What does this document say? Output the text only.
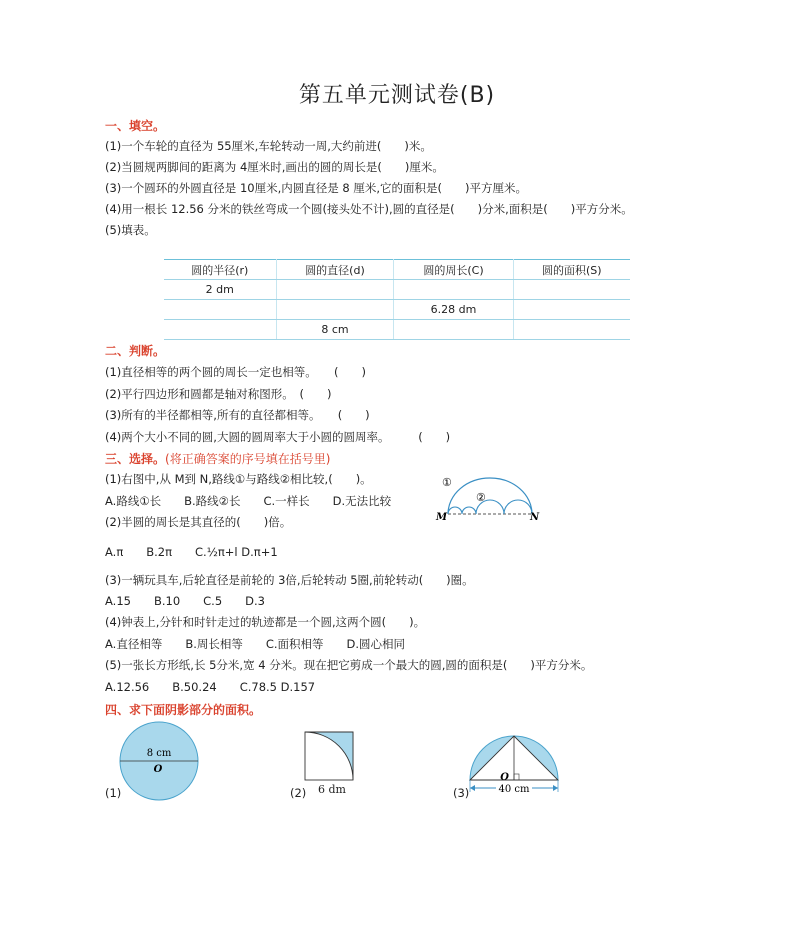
第五单元测试卷(B)
一、填空。
(1)一个车轮的直径为 55厘米,车轮转动一周,大约前进(　　)米。
(2)当圆规两脚间的距离为 4厘米时,画出的圆的周长是(　　)厘米。
(3)一个圆环的外圆直径是 10厘米,内圆直径是 8 厘米,它的面积是(　　)平方厘米。
(4)用一根长 12.56 分米的铁丝弯成一个圆(接头处不计),圆的直径是(　　)分米,面积是(　　)平方分米。
(5)填表。
圆的半径(r)	圆的直径(d)	圆的周长(C)	圆的面积(S)
2 dm			
		6.28 dm	
	8 cm		
二、判断。
(1)直径相等的两个圆的周长一定也相等。　　(　　)
(2)平行四边形和圆都是轴对称图形。　(　　)
(3)所有的半径都相等,所有的直径都相等。　　(　　)
(4)两个大小不同的圆,大圆的圆周率大于小圆的圆周率。　　　(　　)
三、选择。(将正确答案的序号填在括号里)
(1)右图中,从 M到 N,路线①与路线②相比较,(　　)。
A.路线①长　　B.路线②长　　C.一样长　　D.无法比较
(2)半圆的周长是其直径的(　　)倍。
A.π　　B.2π　　C.½π+l D.π+1
(3)一辆玩具车,后轮直径是前轮的 3倍,后轮转动 5圈,前轮转动(　　)圈。
A.15　　B.10　　C.5　　D.3
(4)钟表上,分针和时针走过的轨迹都是一个圆,这两个圆(　　)。
A.直径相等　　B.周长相等　　C.面积相等　　D.圆心相同
(5)一张长方形纸,长 5分米,宽 4 分米。现在把它剪成一个最大的圆,圆的面积是(　　)平方分米。
A.12.56　　B.50.24　　C.78.5 D.157
①
②
M	N
四、求下面阴影部分的面积。
(1)
8 cm
O
(2) 6 dm	(3)
O
40 cm
